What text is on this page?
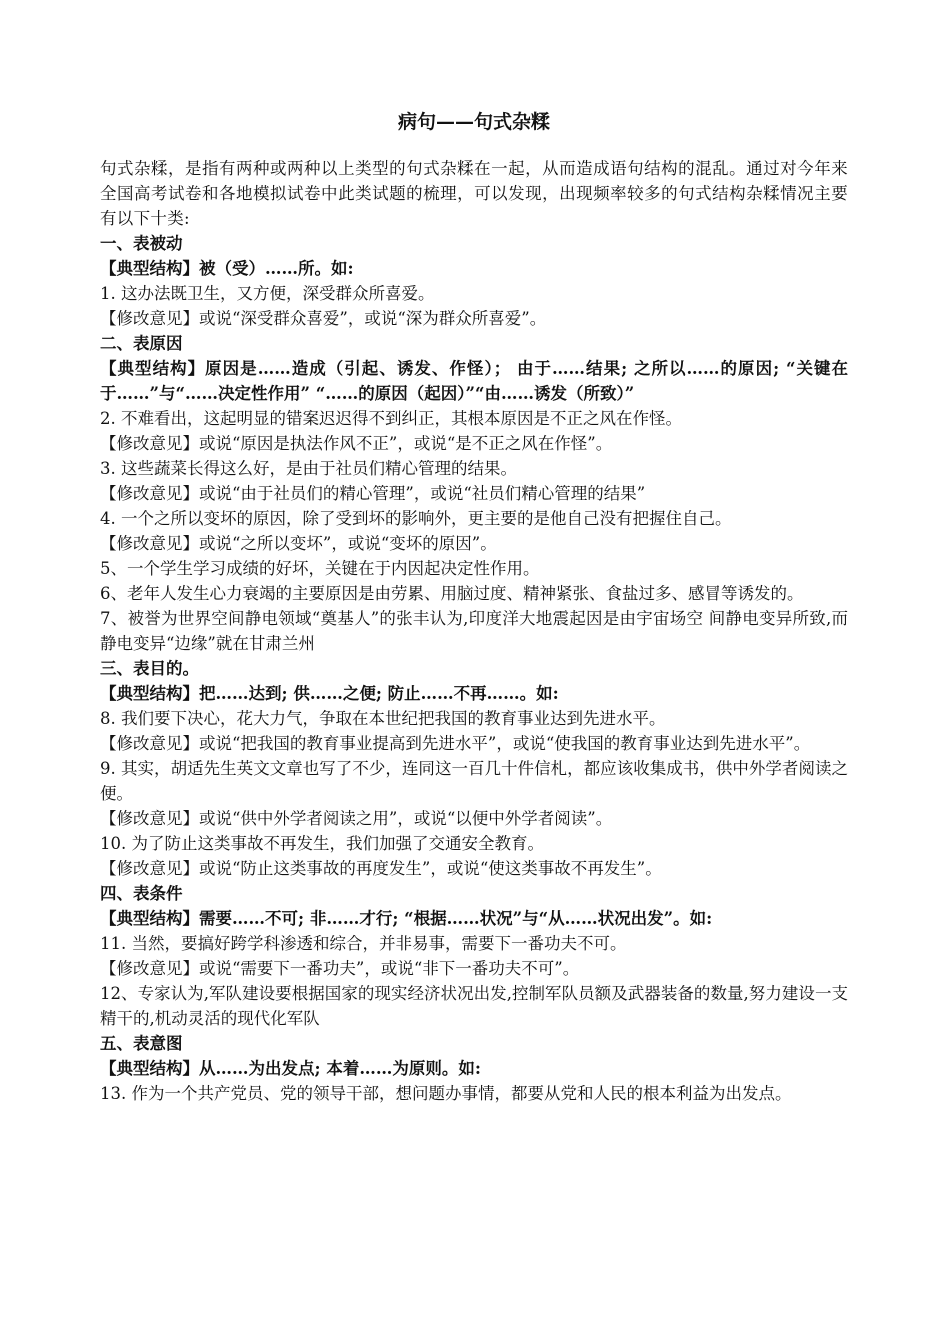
病句——句式杂糅

句式杂糅，是指有两种或两种以上类型的句式杂糅在一起，从而造成语句结构的混乱。通过对今年来全国高考试卷和各地模拟试卷中此类试题的梳理，可以发现，出现频率较多的句式结构杂糅情况主要有以下十类:

一、表被动

【典型结构】被（受）……所。如:

1. 这办法既卫生，又方便，深受群众所喜爱。

【修改意见】或说“深受群众喜爱”，或说“深为群众所喜爱”。

二、表原因

【典型结构】原因是……造成（引起、诱发、作怪）； 由于……结果; 之所以……的原因; “关键在于……”与“……决定性作用” “……的原因（起因）”“由……诱发（所致）”

2. 不难看出，这起明显的错案迟迟得不到纠正，其根本原因是不正之风在作怪。

【修改意见】或说“原因是执法作风不正”，或说“是不正之风在作怪”。

3. 这些蔬菜长得这么好，是由于社员们精心管理的结果。

【修改意见】或说“由于社员们的精心管理”，或说“社员们精心管理的结果”

4. 一个之所以变坏的原因，除了受到坏的影响外，更主要的是他自己没有把握住自己。

【修改意见】或说“之所以变坏”，或说“变坏的原因”。

5、一个学生学习成绩的好坏，关键在于内因起决定性作用。

6、老年人发生心力衰竭的主要原因是由劳累、用脑过度、精神紧张、食盐过多、感冒等诱发的。

7、被誉为世界空间静电领域“奠基人”的张丰认为,印度洋大地震起因是由宇宙场空 间静电变异所致,而静电变异“边缘”就在甘肃兰州

三、表目的。

【典型结构】把……达到; 供……之便; 防止……不再……。如:

8. 我们要下决心，花大力气，争取在本世纪把我国的教育事业达到先进水平。

【修改意见】或说“把我国的教育事业提高到先进水平”，或说“使我国的教育事业达到先进水平”。

9. 其实，胡适先生英文文章也写了不少，连同这一百几十件信札，都应该收集成书，供中外学者阅读之便。

【修改意见】或说“供中外学者阅读之用”，或说“以便中外学者阅读”。

10. 为了防止这类事故不再发生，我们加强了交通安全教育。

【修改意见】或说“防止这类事故的再度发生”，或说“使这类事故不再发生”。

四、表条件

【典型结构】需要……不可; 非……才行; “根据……状况”与“从……状况出发”。如:

11. 当然，要搞好跨学科渗透和综合，并非易事，需要下一番功夫不可。

【修改意见】或说“需要下一番功夫”，或说“非下一番功夫不可”。

12、专家认为,军队建设要根据国家的现实经济状况出发,控制军队员额及武器装备的数量,努力建设一支精干的,机动灵活的现代化军队

五、表意图

【典型结构】从……为出发点; 本着……为原则。如:

13. 作为一个共产党员、党的领导干部，想问题办事情，都要从党和人民的根本利益为出发点。
